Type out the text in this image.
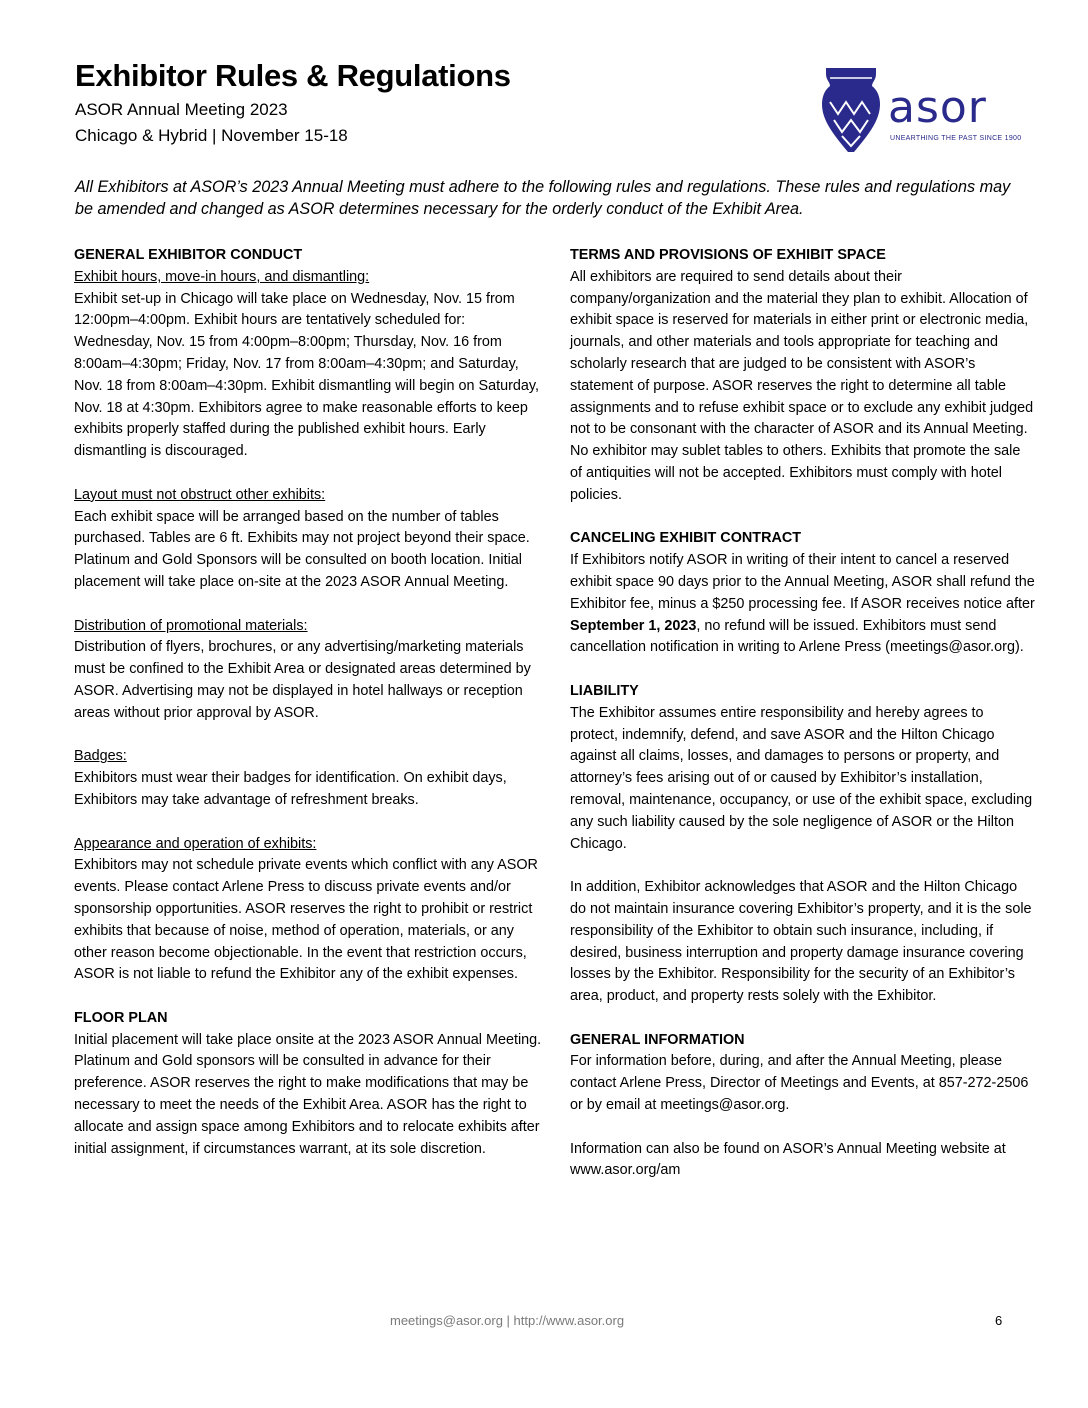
Exhibitor Rules & Regulations

ASOR Annual Meeting 2023

Chicago & Hybrid | November 15-18

asor
UNEARTHING THE PAST SINCE 1900

All Exhibitors at ASOR’s 2023 Annual Meeting must adhere to the following rules and regulations. These rules and regulations may be amended and changed as ASOR determines necessary for the orderly conduct of the Exhibit Area.

GENERAL EXHIBITOR CONDUCT

Exhibit hours, move-in hours, and dismantling:

Exhibit set-up in Chicago will take place on Wednesday, Nov. 15 from 12:00pm–4:00pm. Exhibit hours are tentatively scheduled for: Wednesday, Nov. 15 from 4:00pm–8:00pm; Thursday, Nov. 16 from 8:00am–4:30pm; Friday, Nov. 17 from 8:00am–4:30pm; and Saturday, Nov. 18 from 8:00am–4:30pm. Exhibit dismantling will begin on Saturday, Nov. 18 at 4:30pm. Exhibitors agree to make reasonable efforts to keep exhibits properly staffed during the published exhibit hours. Early dismantling is discouraged.

Layout must not obstruct other exhibits:

Each exhibit space will be arranged based on the number of tables purchased. Tables are 6 ft. Exhibits may not project beyond their space. Platinum and Gold Sponsors will be consulted on booth location. Initial placement will take place on-site at the 2023 ASOR Annual Meeting.

Distribution of promotional materials:

Distribution of flyers, brochures, or any advertising/marketing materials must be confined to the Exhibit Area or designated areas determined by ASOR. Advertising may not be displayed in hotel hallways or reception areas without prior approval by ASOR.

Badges:

Exhibitors must wear their badges for identification. On exhibit days, Exhibitors may take advantage of refreshment breaks.

Appearance and operation of exhibits:

Exhibitors may not schedule private events which conflict with any ASOR events. Please contact Arlene Press to discuss private events and/or sponsorship opportunities. ASOR reserves the right to prohibit or restrict exhibits that because of noise, method of operation, materials, or any other reason become objectionable. In the event that restriction occurs, ASOR is not liable to refund the Exhibitor any of the exhibit expenses.

FLOOR PLAN

Initial placement will take place onsite at the 2023 ASOR Annual Meeting. Platinum and Gold sponsors will be consulted in advance for their preference. ASOR reserves the right to make modifications that may be necessary to meet the needs of the Exhibit Area. ASOR has the right to allocate and assign space among Exhibitors and to relocate exhibits after initial assignment, if circumstances warrant, at its sole discretion.

TERMS AND PROVISIONS OF EXHIBIT SPACE

All exhibitors are required to send details about their company/organization and the material they plan to exhibit. Allocation of exhibit space is reserved for materials in either print or electronic media, journals, and other materials and tools appropriate for teaching and scholarly research that are judged to be consistent with ASOR’s statement of purpose. ASOR reserves the right to determine all table assignments and to refuse exhibit space or to exclude any exhibit judged not to be consonant with the character of ASOR and its Annual Meeting. No exhibitor may sublet tables to others. Exhibits that promote the sale of antiquities will not be accepted. Exhibitors must comply with hotel policies.

CANCELING EXHIBIT CONTRACT

If Exhibitors notify ASOR in writing of their intent to cancel a reserved exhibit space 90 days prior to the Annual Meeting, ASOR shall refund the Exhibitor fee, minus a $250 processing fee. If ASOR receives notice after September 1, 2023, no refund will be issued. Exhibitors must send cancellation notification in writing to Arlene Press (meetings@asor.org).

LIABILITY

The Exhibitor assumes entire responsibility and hereby agrees to protect, indemnify, defend, and save ASOR and the Hilton Chicago against all claims, losses, and damages to persons or property, and attorney’s fees arising out of or caused by Exhibitor’s installation, removal, maintenance, occupancy, or use of the exhibit space, excluding any such liability caused by the sole negligence of ASOR or the Hilton Chicago.

In addition, Exhibitor acknowledges that ASOR and the Hilton Chicago do not maintain insurance covering Exhibitor’s property, and it is the sole responsibility of the Exhibitor to obtain such insurance, including, if desired, business interruption and property damage insurance covering losses by the Exhibitor. Responsibility for the security of an Exhibitor’s area, product, and property rests solely with the Exhibitor.

GENERAL INFORMATION

For information before, during, and after the Annual Meeting, please contact Arlene Press, Director of Meetings and Events, at 857-272-2506 or by email at meetings@asor.org.

Information can also be found on ASOR’s Annual Meeting website at www.asor.org/am

meetings@asor.org | http://www.asor.org	6
